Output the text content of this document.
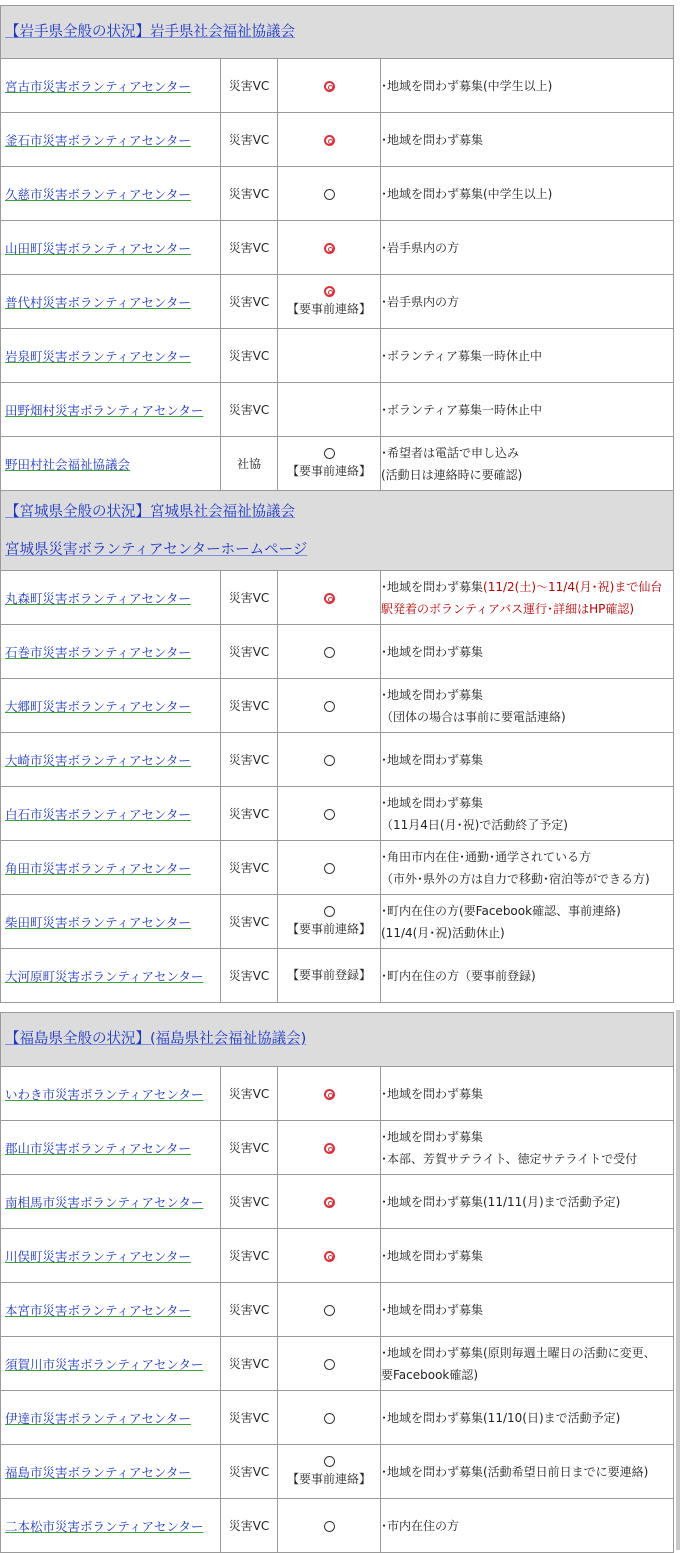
【岩手県全般の状況】岩手県社会福祉協議会			

宮古市災害ボランティアセンター	災害VC		･地域を問わず募集(中学生以上)

釜石市災害ボランティアセンター	災害VC		･地域を問わず募集

久慈市災害ボランティアセンター	災害VC		･地域を問わず募集(中学生以上)

山田町災害ボランティアセンター	災害VC		･岩手県内の方

普代村災害ボランティアセンター	災害VC	【要事前連絡】	･岩手県内の方

岩泉町災害ボランティアセンター	災害VC		･ボランティア募集一時休止中

田野畑村災害ボランティアセンター	災害VC		･ボランティア募集一時休止中

野田村社会福祉協議会	社協	【要事前連絡】	･希望者は電話で申し込み
(活動日は連絡時に要確認)

【宮城県全般の状況】宮城県社会福祉協議会
宮城県災害ボランティアセンターホームページ			

丸森町災害ボランティアセンター	災害VC		･地域を問わず募集(11/2(土)～11/4(月･祝)まで仙台駅発着のボランティアバス運行･詳細はHP確認)
石巻市災害ボランティアセンター	災害VC		･地域を問わず募集

大郷町災害ボランティアセンター	災害VC		･地域を問わず募集
（団体の場合は事前に要電話連絡)

大崎市災害ボランティアセンター	災害VC		･地域を問わず募集

白石市災害ボランティアセンター	災害VC		･地域を問わず募集
（11月4日(月･祝)で活動終了予定)

角田市災害ボランティアセンター	災害VC		･角田市内在住･通勤･通学されている方
（市外･県外の方は自力で移動･宿泊等ができる方)

柴田町災害ボランティアセンター	災害VC	【要事前連絡】	･町内在住の方(要Facebook確認、事前連絡)
(11/4(月･祝)活動休止)

大河原町災害ボランティアセンター	災害VC	【要事前登録】	･町内在住の方（要事前登録)
【福島県全般の状況】(福島県社会福祉協議会)			

いわき市災害ボランティアセンター	災害VC		･地域を問わず募集

郡山市災害ボランティアセンター	災害VC		･地域を問わず募集
･本部、芳賀サテライト、徳定サテライトで受付

南相馬市災害ボランティアセンター	災害VC		･地域を問わず募集(11/11(月)まで活動予定)

川俣町災害ボランティアセンター	災害VC		･地域を問わず募集

本宮市災害ボランティアセンター	災害VC		･地域を問わず募集

須賀川市災害ボランティアセンター	災害VC		･地域を問わず募集(原則毎週土曜日の活動に変更、
要Facebook確認)

伊達市災害ボランティアセンター	災害VC		･地域を問わず募集(11/10(日)まで活動予定)

福島市災害ボランティアセンター	災害VC	【要事前連絡】	･地域を問わず募集(活動希望日前日までに要連絡)

二本松市災害ボランティアセンター	災害VC		･市内在住の方
